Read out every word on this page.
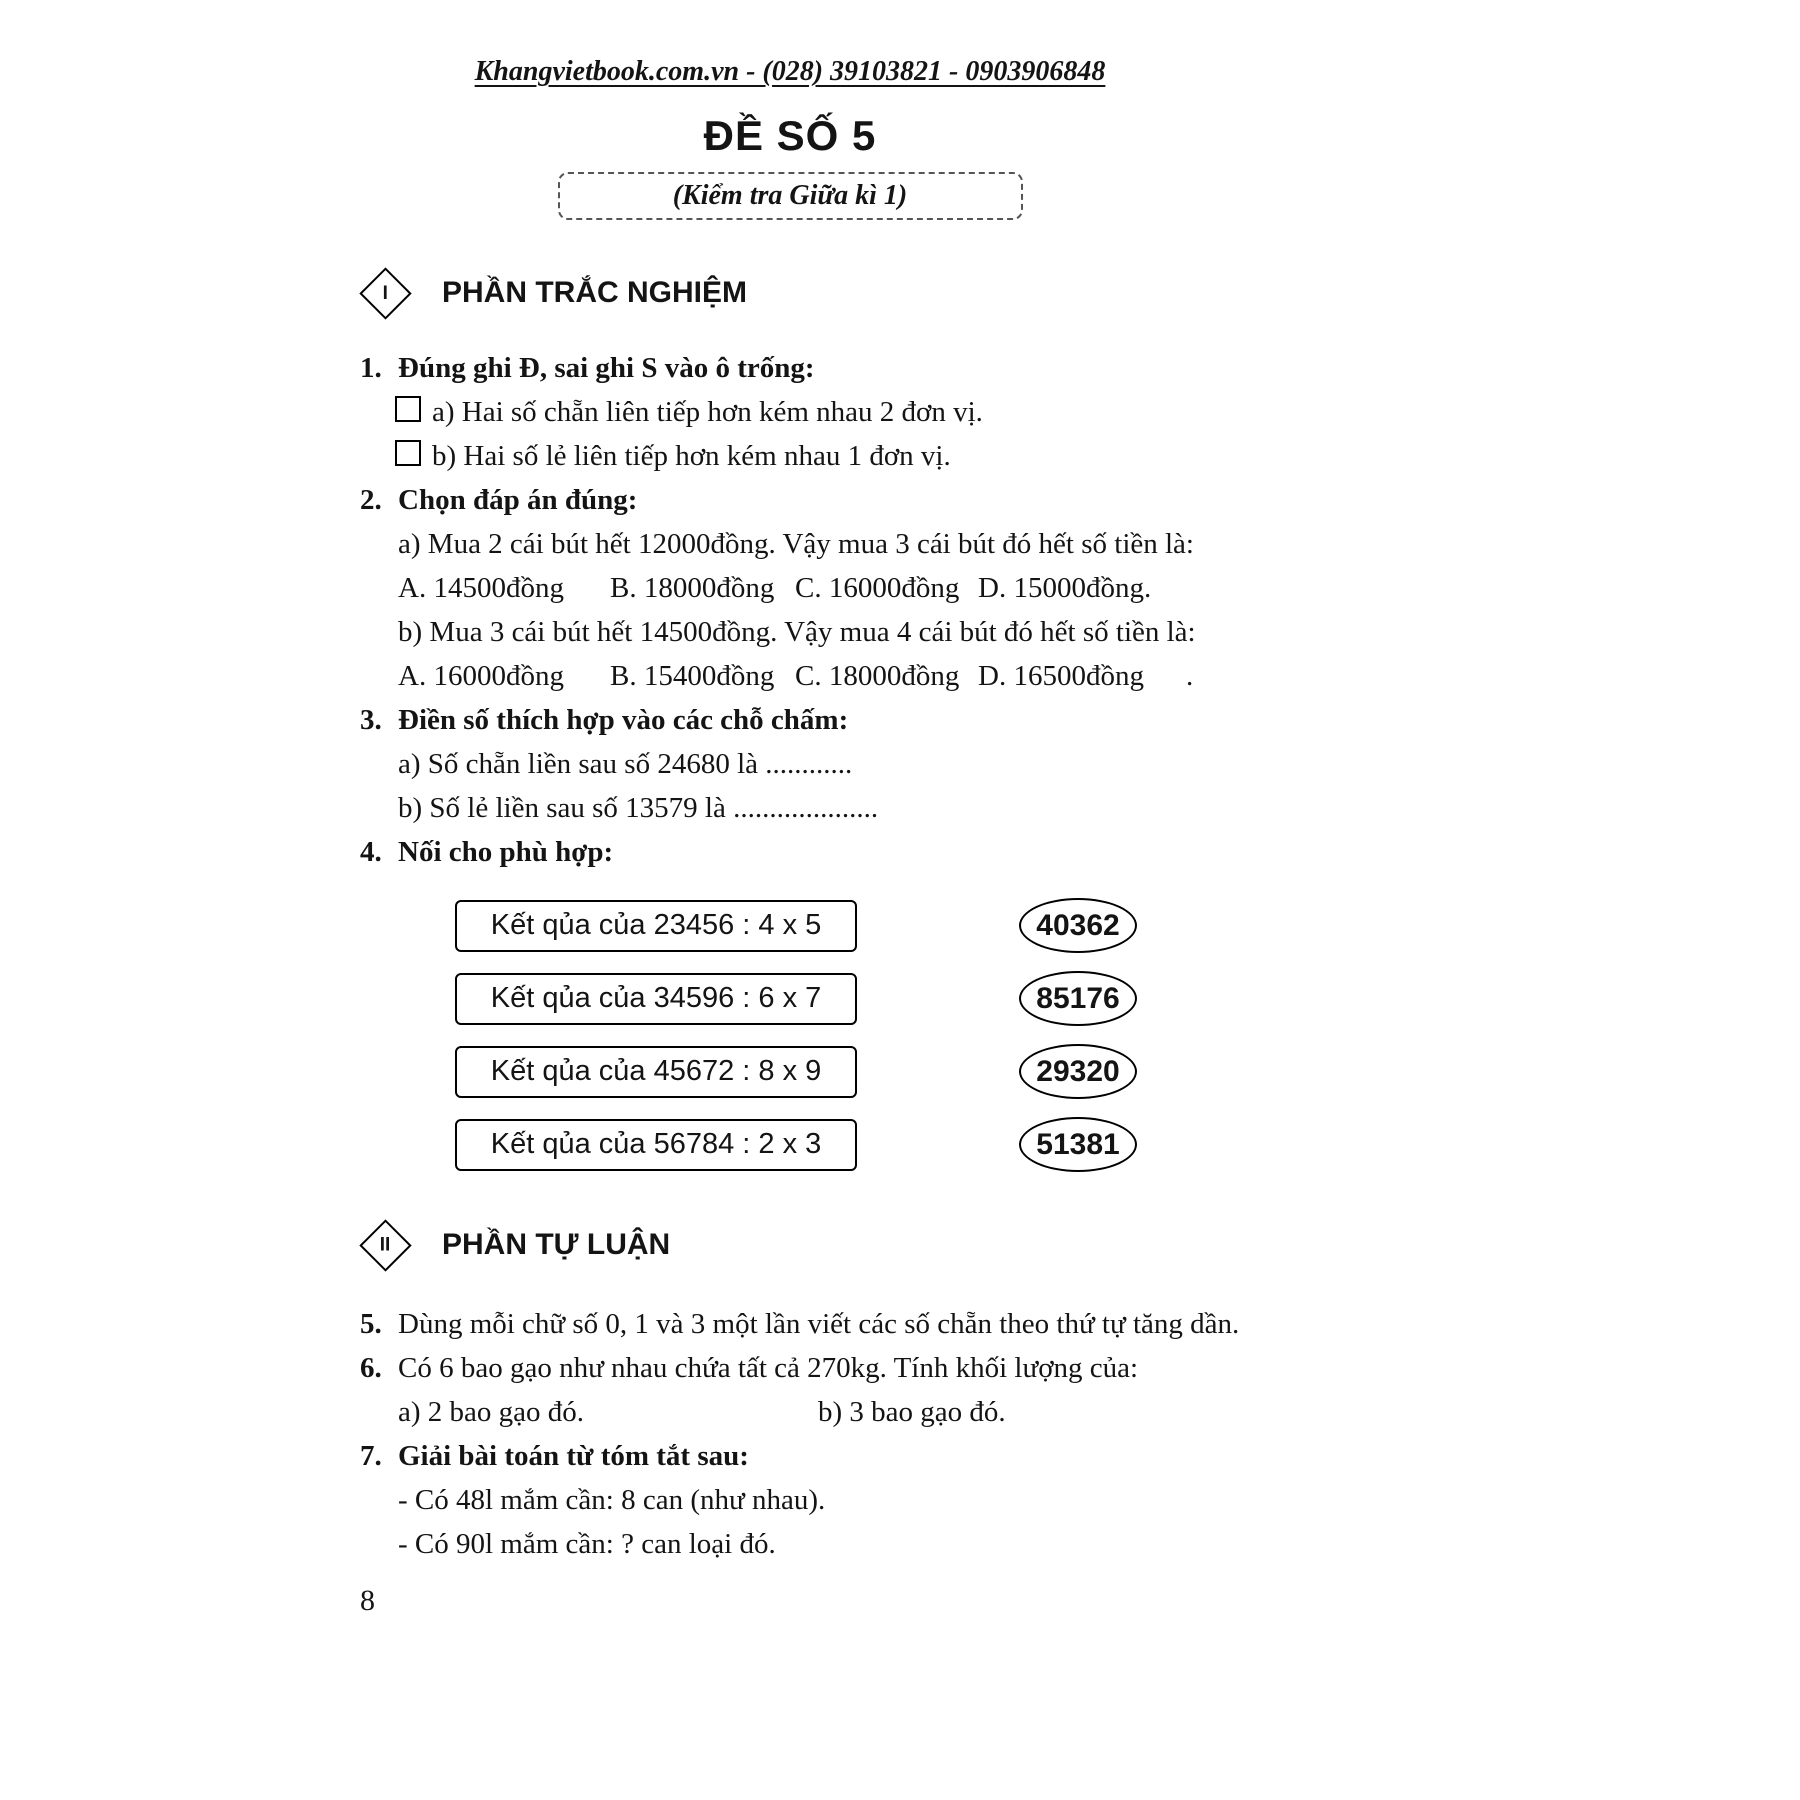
Khangvietbook.com.vn - (028) 39103821 - 0903906848
ĐỀ SỐ 5
(Kiểm tra Giữa kì 1)
I PHẦN TRẮC NGHIỆM
1. Đúng ghi Đ, sai ghi S vào ô trống:
a) Hai số chẵn liên tiếp hơn kém nhau 2 đơn vị.
b) Hai số lẻ liên tiếp hơn kém nhau 1 đơn vị.
2. Chọn đáp án đúng:
a) Mua 2 cái bút hết 12000đồng. Vậy mua 3 cái bút đó hết số tiền là:
A. 14500đồng	B. 18000đồng C. 16000đồng D. 15000đồng.
b) Mua 3 cái bút hết 14500đồng. Vậy mua 4 cái bút đó hết số tiền là:
A. 16000đồng	B. 15400đồng C. 18000đồng D. 16500đồng .
3. Điền số thích hợp vào các chỗ chấm:
a) Số chẵn liền sau số 24680 là ............
b) Số lẻ liền sau số 13579 là ....................
4. Nối cho phù hợp:
Kết qủa của 23456 : 4 x 5	40362
Kết qủa của 34596 : 6 x 7	85176
Kết qủa của 45672 : 8 x 9	29320
Kết qủa của 56784 : 2 x 3	51381
II PHẦN TỰ LUẬN
5. Dùng mỗi chữ số 0, 1 và 3 một lần viết các số chẵn theo thứ tự tăng dần.
6. Có 6 bao gạo như nhau chứa tất cả 270kg. Tính khối lượng của:
a) 2 bao gạo đó.	b) 3 bao gạo đó.
7. Giải bài toán từ tóm tắt sau:
- Có 48l mắm cần: 8 can (như nhau).
- Có 90l mắm cần: ? can loại đó.
8
